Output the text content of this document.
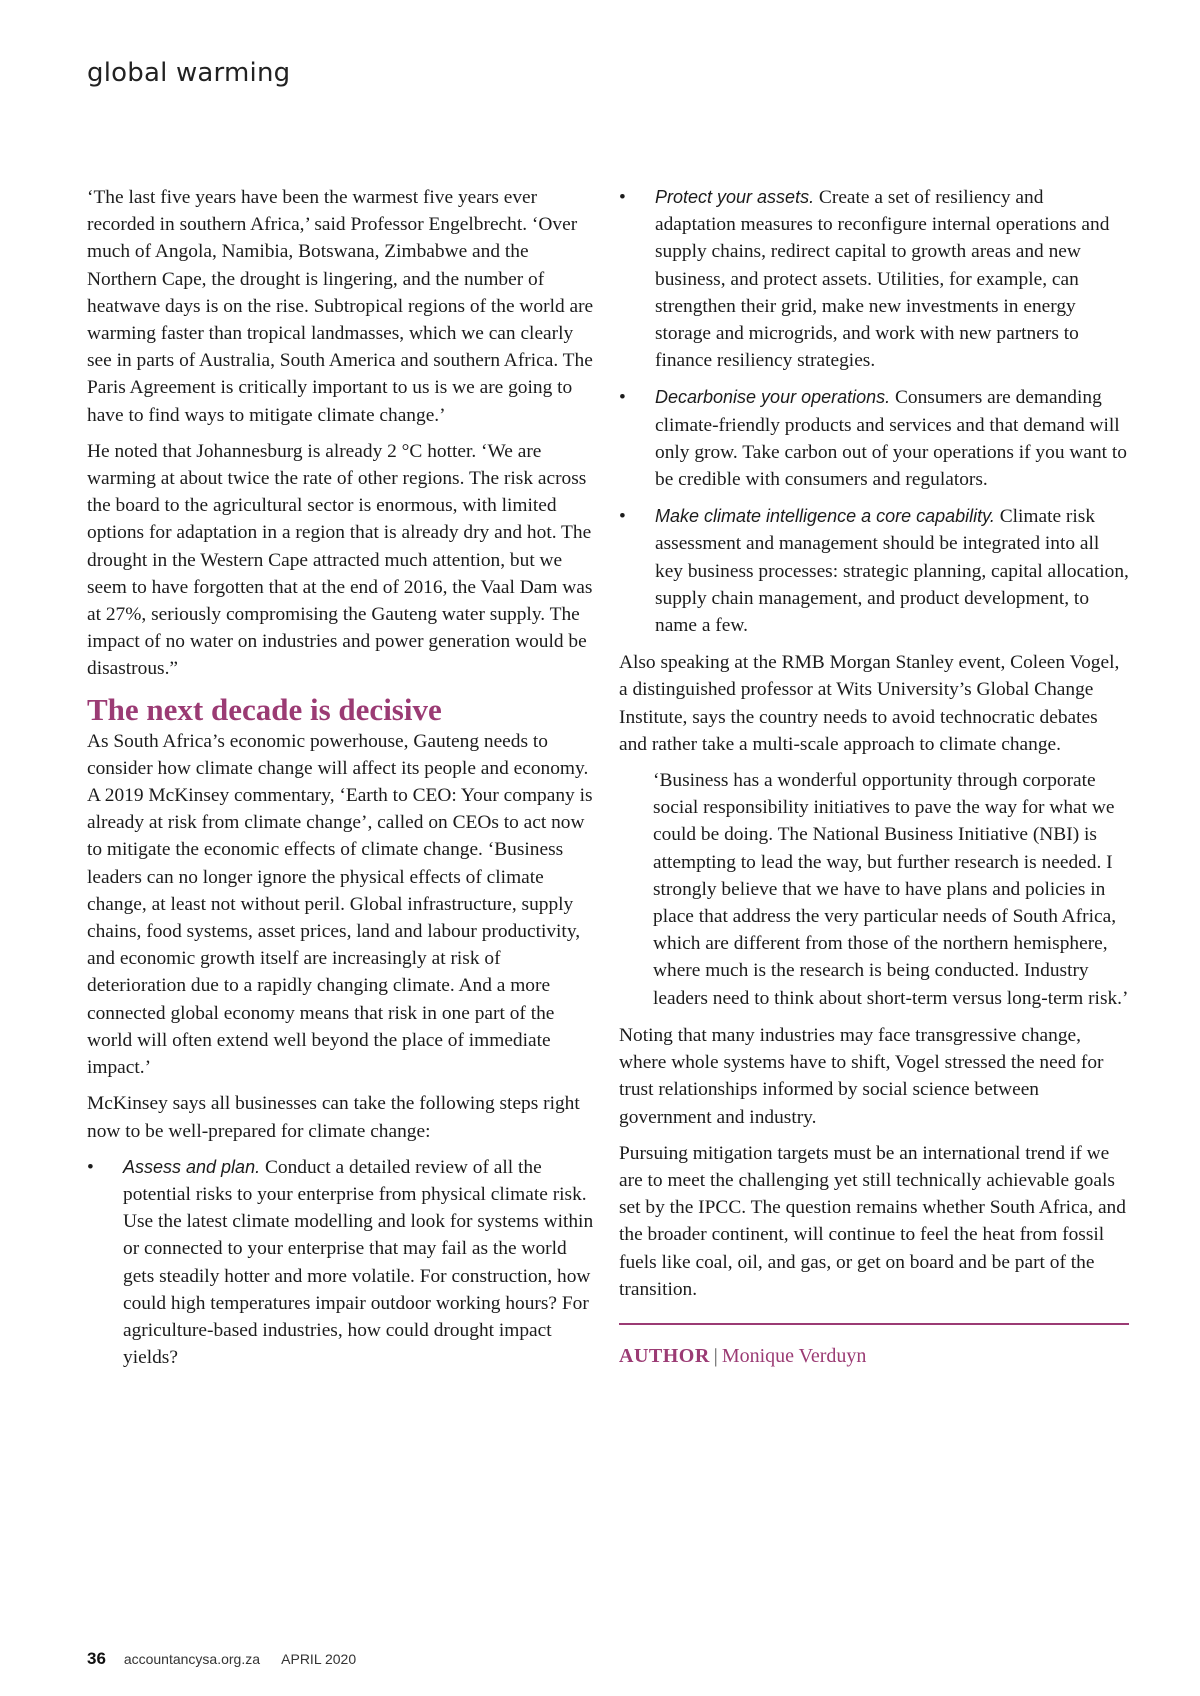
global warming

‘The last five years have been the warmest five years ever recorded in southern Africa,’ said Professor Engelbrecht. ‘Over much of Angola, Namibia, Botswana, Zimbabwe and the Northern Cape, the drought is lingering, and the number of heatwave days is on the rise. Subtropical regions of the world are warming faster than tropical landmasses, which we can clearly see in parts of Australia, South America and southern Africa. The Paris Agreement is critically important to us is we are going to have to find ways to mitigate climate change.’

He noted that Johannesburg is already 2 °C hotter. ‘We are warming at about twice the rate of other regions. The risk across the board to the agricultural sector is enormous, with limited options for adaptation in a region that is already dry and hot. The drought in the Western Cape attracted much attention, but we seem to have forgotten that at the end of 2016, the Vaal Dam was at 27%, seriously compromising the Gauteng water supply. The impact of no water on industries and power generation would be disastrous.”

The next decade is decisive

As South Africa’s economic powerhouse, Gauteng needs to consider how climate change will affect its people and economy. A 2019 McKinsey commentary, ‘Earth to CEO: Your company is already at risk from climate change’, called on CEOs to act now to mitigate the economic effects of climate change. ‘Business leaders can no longer ignore the physical effects of climate change, at least not without peril. Global infrastructure, supply chains, food systems, asset prices, land and labour productivity, and economic growth itself are increasingly at risk of deterioration due to a rapidly changing climate. And a more connected global economy means that risk in one part of the world will often extend well beyond the place of immediate impact.’

McKinsey says all businesses can take the following steps right now to be well-prepared for climate change:

• Assess and plan. Conduct a detailed review of all the potential risks to your enterprise from physical climate risk. Use the latest climate modelling and look for systems within or connected to your enterprise that may fail as the world gets steadily hotter and more volatile. For construction, how could high temperatures impair outdoor working hours? For agriculture-based industries, how could drought impact yields?
• Protect your assets. Create a set of resiliency and adaptation measures to reconfigure internal operations and supply chains, redirect capital to growth areas and new business, and protect assets. Utilities, for example, can strengthen their grid, make new investments in energy storage and microgrids, and work with new partners to finance resiliency strategies.
• Decarbonise your operations. Consumers are demanding climate-friendly products and services and that demand will only grow. Take carbon out of your operations if you want to be credible with consumers and regulators.
• Make climate intelligence a core capability. Climate risk assessment and management should be integrated into all key business processes: strategic planning, capital allocation, supply chain management, and product development, to name a few.

Also speaking at the RMB Morgan Stanley event, Coleen Vogel, a distinguished professor at Wits University’s Global Change Institute, says the country needs to avoid technocratic debates and rather take a multi-scale approach to climate change.

‘Business has a wonderful opportunity through corporate social responsibility initiatives to pave the way for what we could be doing. The National Business Initiative (NBI) is attempting to lead the way, but further research is needed. I strongly believe that we have to have plans and policies in place that address the very particular needs of South Africa, which are different from those of the northern hemisphere, where much is the research is being conducted. Industry leaders need to think about short-term versus long-term risk.’

Noting that many industries may face transgressive change, where whole systems have to shift, Vogel stressed the need for trust relationships informed by social science between government and industry.

Pursuing mitigation targets must be an international trend if we are to meet the challenging yet still technically achievable goals set by the IPCC. The question remains whether South Africa, and the broader continent, will continue to feel the heat from fossil fuels like coal, oil, and gas, or get on board and be part of the transition.

AUTHOR | Monique Verduyn
36 accountancysa.org.za APRIL 2020
